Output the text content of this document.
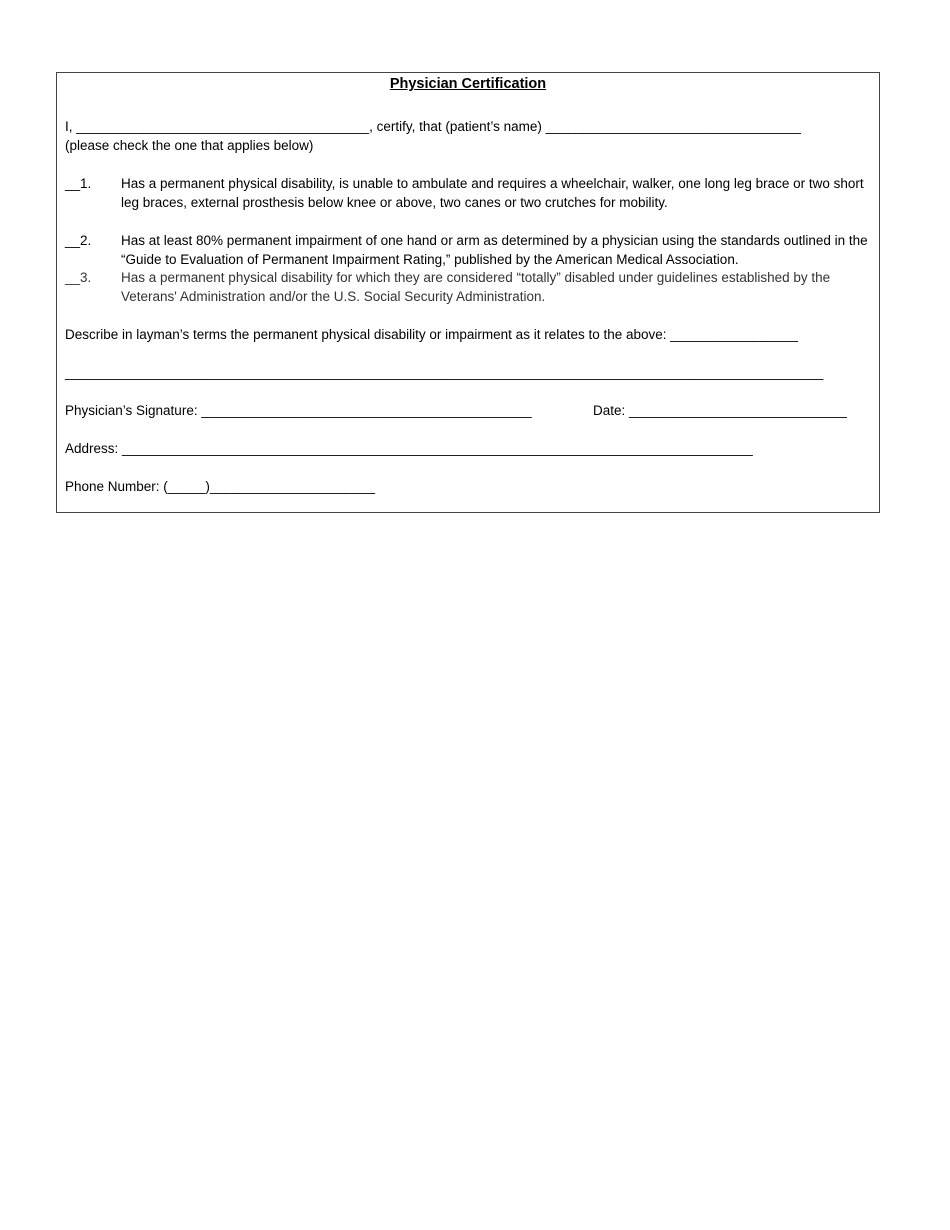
Physician Certification
I, _______________________________________, certify, that (patient’s name) __________________________________
(please check the one that applies below)
__1.	Has a permanent physical disability, is unable to ambulate and requires a wheelchair, walker, one long leg brace or two short leg braces, external prosthesis below knee or above, two canes or two crutches for mobility.
__2.	Has at least 80% permanent impairment of one hand or arm as determined by a physician using the standards outlined in the “Guide to Evaluation of Permanent Impairment Rating,” published by the American Medical Association.
__3.	Has a permanent physical disability for which they are considered “totally” disabled under guidelines established by the Veterans' Administration and/or the U.S. Social Security Administration.
Describe in layman’s terms the permanent physical disability or impairment as it relates to the above: _________________
_____________________________________________________________________________________________________
Physician’s Signature: ____________________________________________	Date: _____________________________
Address: ____________________________________________________________________________________
Phone Number: (_____)______________________
